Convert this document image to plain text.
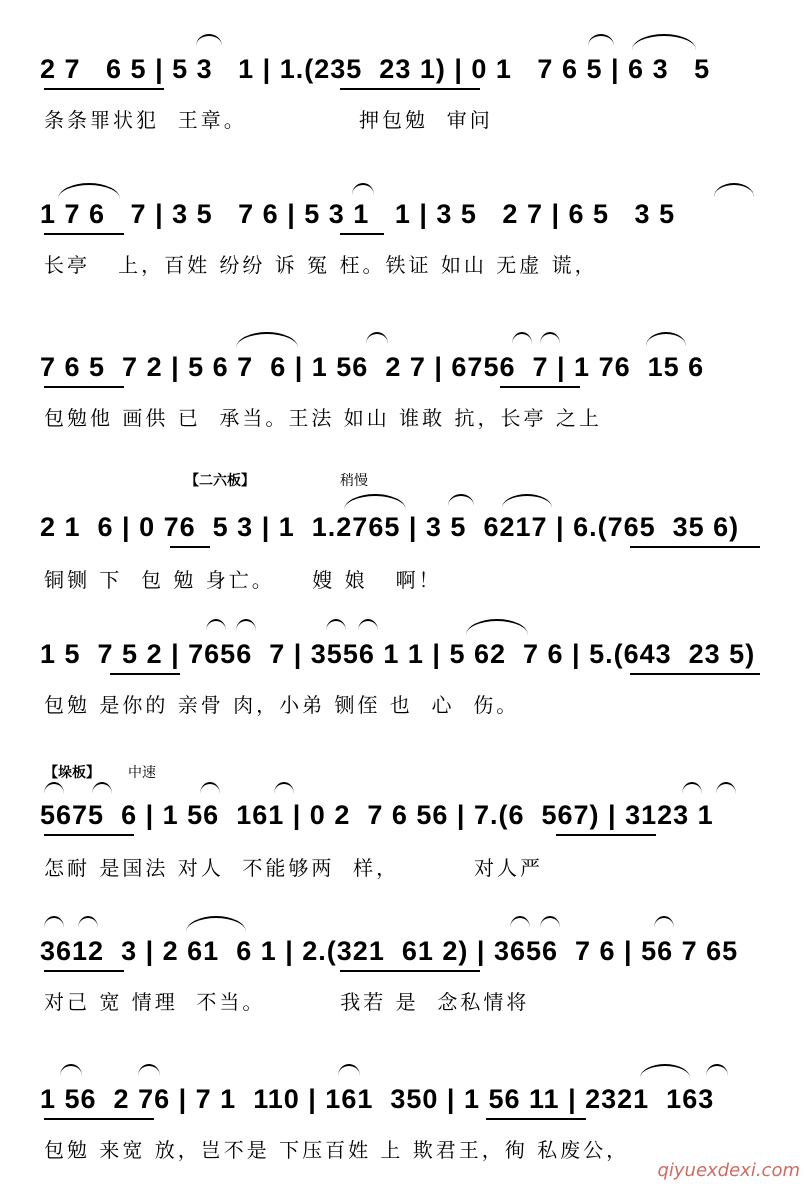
2 7   6 5 | 5 3   1 | 1.(235  23 1) | 0 1   7 6 5 | 6 3   5
条条罪状犯  王章。            押包勉  审问
1 7 6   7 | 3 5   7 6 | 5 3 1   1 | 3 5   2 7 | 6 5   3 5
长亭   上，百姓 纷纷 诉 冤 枉。铁证 如山 无虚 谎，
7 6 5  7 2 | 5 6 7  6 | 1 56  2 7 | 6756  7 | 1 76  15 6
包勉他 画供 已  承当。王法 如山 谁敢 抗，长亭 之上
【二六板】	稍慢
2 1  6 | 0 76  5 3 | 1  1.2765 | 3 5  6217 | 6.(765  35 6)
铜铡 下  包 勉 身亡。    嫂 娘   啊！
1 5  7 5 2 | 7656  7 | 3556 1 1 | 5 62  7 6 | 5.(643  23 5)
包勉 是你的 亲骨 肉，小弟 铡侄 也  心  伤。
【垛板】 中速
5675  6 | 1 56  161 | 0 2  7 6 56 | 7.(6  567) | 3123 1
怎耐 是国法 对人  不能够两  样，        对人严
3612  3 | 2 61  6 1 | 2.(321  61 2) | 3656  7 6 | 56 7 65
对己 宽 情理  不当。        我若 是  念私情将
1 56  2 76 | 7 1  110 | 161  350 | 1 56 11 | 2321  163
包勉 来宽 放，岂不是 下压百姓 上 欺君王，徇 私废公，
qiyuexdexi.com
